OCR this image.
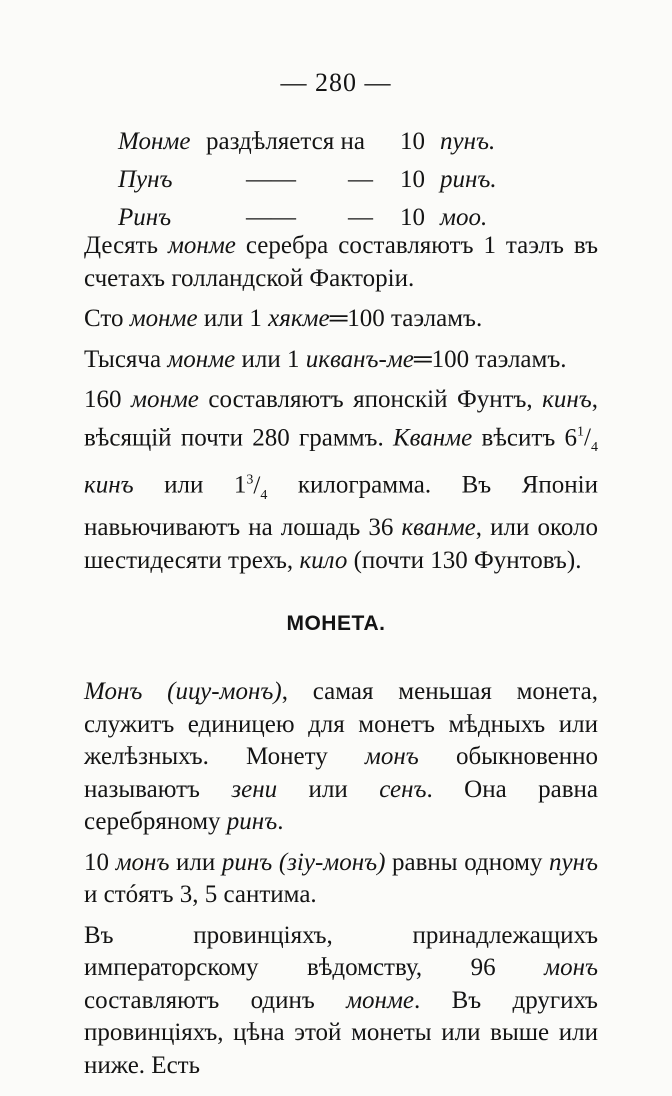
— 280 —
Монме раздѣляется на 10 пунъ.
Пунъ	—— — 10 ринъ.
Ринъ	—— — 10 моо.

Десять монме серебра составляютъ 1 таэлъ въ счетахъ голландской Факторіи.

Сто монме или 1 хякме═100 таэламъ.

Тысяча монме или 1 икванъ-ме═100 таэламъ.

160 монме составляютъ японскій Фунтъ, кинъ, вѣсящій почти 280 граммъ. Кванме вѣситъ $6^1/_4$ кинъ или $1^3/_4$ килограмма. Въ Японіи навьючиваютъ на лошадь 36 кванме, или около шестидесяти трехъ, кило (почти 130 Фунтовъ).

МОНЕТА.

Монъ (ицу-монъ), самая меньшая монета, служитъ единицею для монетъ мѣдныхъ или желѣзныхъ. Монету монъ обыкновенно называютъ зени или сенъ. Она равна серебряному ринъ.

10 монъ или ринъ (зіу-монъ) равны одному пунъ и стóятъ 3, 5 сантима.

Въ провинціяхъ, принадлежащихъ императорскому вѣдомству, 96 монъ составляютъ одинъ монме. Въ другихъ провинціяхъ, цѣна этой монеты или выше или ниже. Есть
